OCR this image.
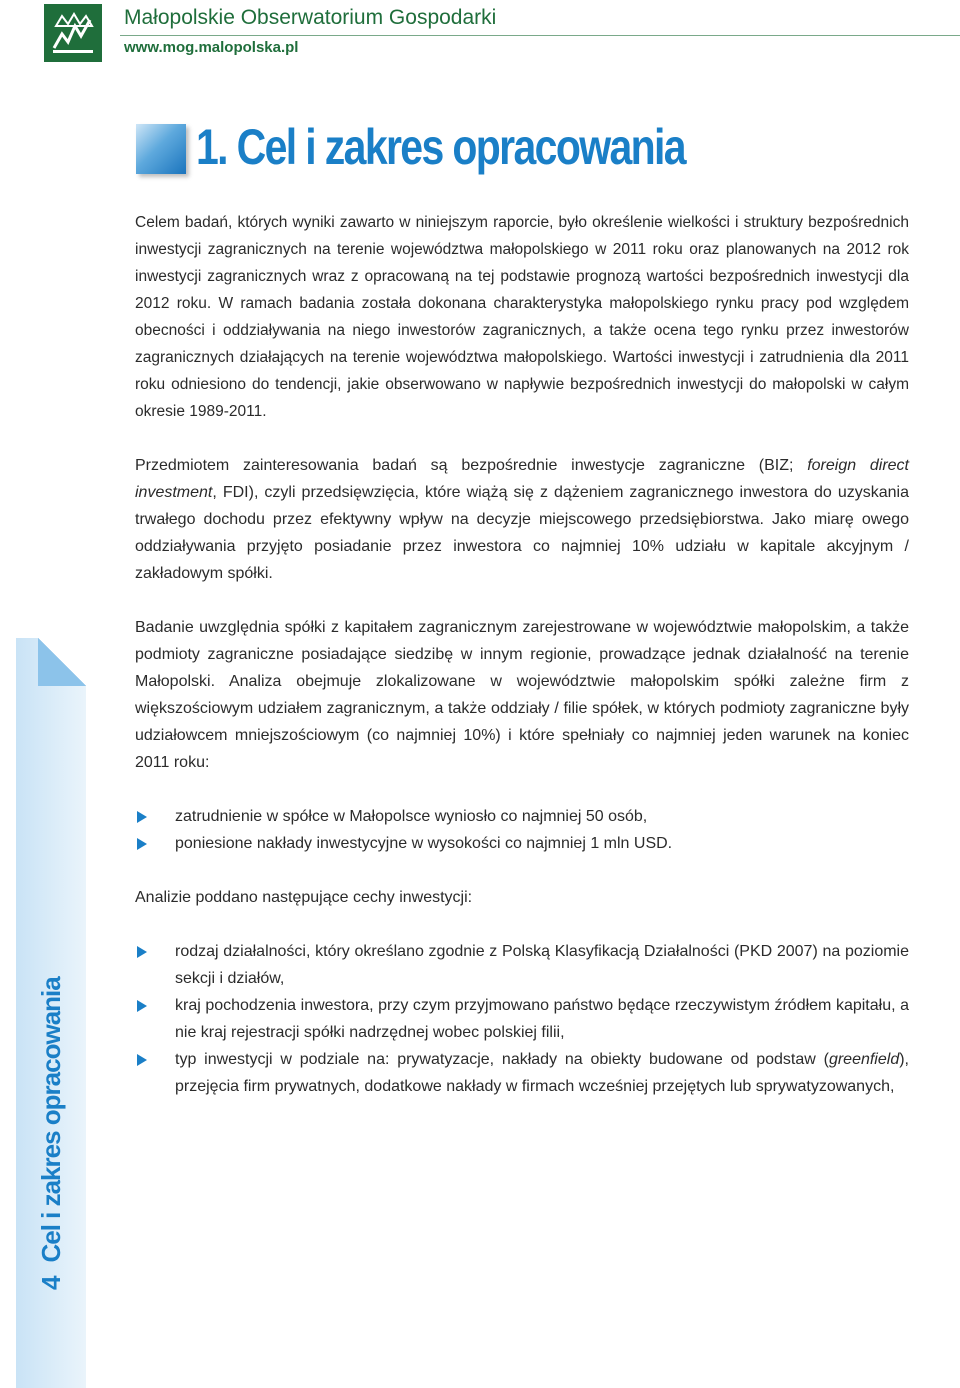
Małopolskie Obserwatorium Gospodarki
www.mog.malopolska.pl
1. Cel i zakres opracowania

Celem badań, których wyniki zawarto w niniejszym raporcie, było określenie wielkości i struktury bezpośrednich inwestycji zagranicznych na terenie województwa małopolskiego w 2011 roku oraz planowanych na 2012 rok inwestycji zagranicznych wraz z opracowaną na tej podstawie prognozą wartości bezpośrednich inwestycji dla 2012 roku. W ramach badania została dokonana charakterystyka małopolskiego rynku pracy pod względem obecności i oddziaływania na niego inwestorów zagranicznych, a także ocena tego rynku przez inwestorów zagranicznych działających na terenie województwa małopolskiego. Wartości inwestycji i zatrudnienia dla 2011 roku odniesiono do tendencji, jakie obserwowano w napływie bezpośrednich inwestycji do małopolski w całym okresie 1989-2011.

Przedmiotem zainteresowania badań są bezpośrednie inwestycje zagraniczne (BIZ; foreign direct investment, FDI), czyli przedsięwzięcia, które wiążą się z dążeniem zagranicznego inwestora do uzyskania trwałego dochodu przez efektywny wpływ na decyzje miejscowego przedsiębiorstwa. Jako miarę owego oddziaływania przyjęto posiadanie przez inwestora co najmniej 10% udziału w kapitale akcyjnym / zakładowym spółki.

Badanie uwzględnia spółki z kapitałem zagranicznym zarejestrowane w województwie małopolskim, a także podmioty zagraniczne posiadające siedzibę w innym regionie, prowadzące jednak działalność na terenie Małopolski. Analiza obejmuje zlokalizowane w województwie małopolskim spółki zależne firm z większościowym udziałem zagranicznym, a także oddziały / filie spółek, w których podmioty zagraniczne były udziałowcem mniejszościowym (co najmniej 10%) i które spełniały co najmniej jeden warunek na koniec 2011 roku:

zatrudnienie w spółce w Małopolsce wyniosło co najmniej 50 osób,
poniesione nakłady inwestycyjne w wysokości co najmniej 1 mln USD.

Analizie poddano następujące cechy inwestycji:

rodzaj działalności, który określano zgodnie z Polską Klasyfikacją Działalności (PKD 2007) na poziomie sekcji i działów,
kraj pochodzenia inwestora, przy czym przyjmowano państwo będące rzeczywistym źródłem kapitału, a nie kraj rejestracji spółki nadrzędnej wobec polskiej filii,
typ inwestycji w podziale na: prywatyzacje, nakłady na obiekty budowane od podstaw (greenfield), przejęcia firm prywatnych, dodatkowe nakłady w firmach wcześniej przejętych lub sprywatyzowanych,
4Cel i zakres opracowania
